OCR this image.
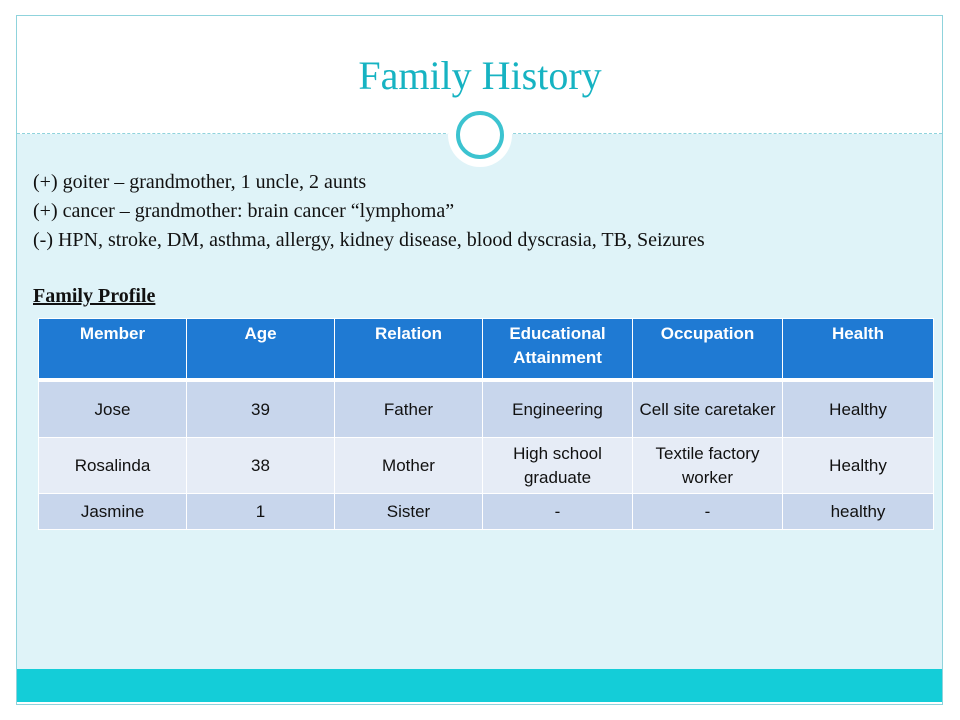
Family History
(+) goiter – grandmother, 1 uncle, 2 aunts
(+) cancer – grandmother: brain cancer “lymphoma”
(-) HPN, stroke, DM, asthma, allergy, kidney disease, blood dyscrasia, TB, Seizures
Family Profile
Member	Age	Relation	Educational Attainment	Occupation	Health
Jose	39	Father	Engineering	Cell site caretaker	Healthy
Rosalinda	38	Mother	High school graduate	Textile factory worker	Healthy
Jasmine	1	Sister	-	-	healthy
